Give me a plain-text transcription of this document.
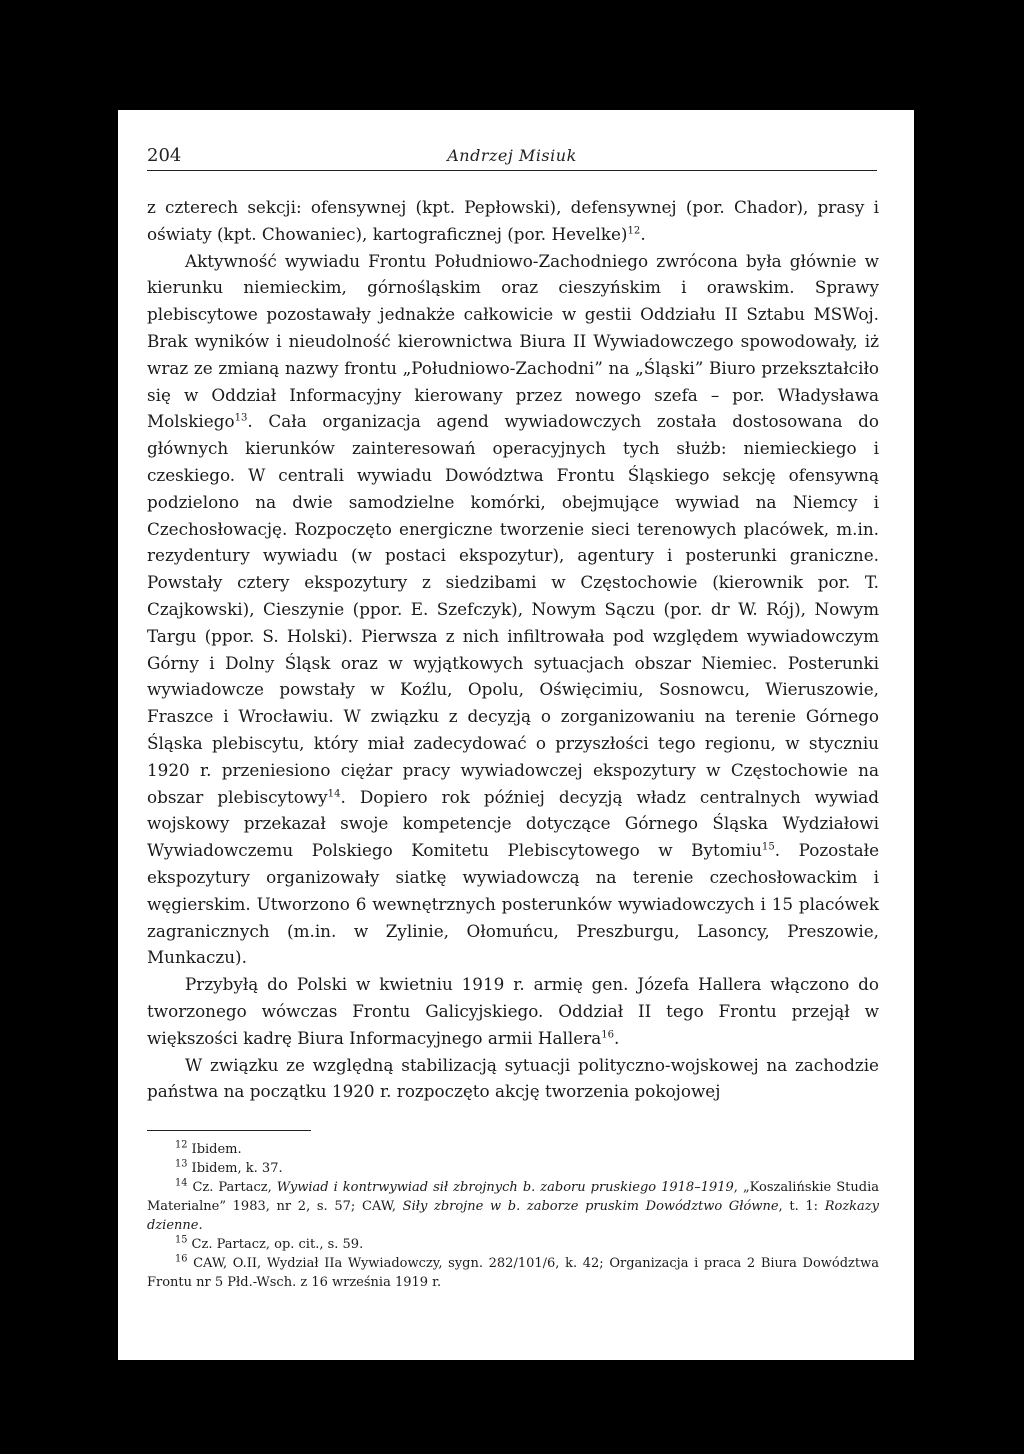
204	Andrzej Misiuk

z czterech sekcji: ofensywnej (kpt. Pepłowski), defensywnej (por. Chador), prasy i oświaty (kpt. Chowaniec), kartograficznej (por. Hevelke)$^{12}$.

Aktywność wywiadu Frontu Południowo-Zachodniego zwrócona była głównie w kierunku niemieckim, górnośląskim oraz cieszyńskim i orawskim. Sprawy plebiscytowe pozostawały jednakże całkowicie w gestii Oddziału II Sztabu MSWoj. Brak wyników i nieudolność kierownictwa Biura II Wywiadowczego spowodowały, iż wraz ze zmianą nazwy frontu „Południowo-Zachodni” na „Śląski” Biuro przekształciło się w Oddział Informacyjny kierowany przez nowego szefa – por. Władysława Molskiego$^{13}$. Cała organizacja agend wywiadowczych została dostosowana do głównych kierunków zainteresowań operacyjnych tych służb: niemieckiego i czeskiego. W centrali wywiadu Dowództwa Frontu Śląskiego sekcję ofensywną podzielono na dwie samodzielne komórki, obejmujące wywiad na Niemcy i Czechosłowację. Rozpoczęto energiczne tworzenie sieci terenowych placówek, m.in. rezydentury wywiadu (w postaci ekspozytur), agentury i posterunki graniczne. Powstały cztery ekspozytury z siedzibami w Częstochowie (kierownik por. T. Czajkowski), Cieszynie (ppor. E. Szefczyk), Nowym Sączu (por. dr W. Rój), Nowym Targu (ppor. S. Holski). Pierwsza z nich infiltrowała pod względem wywiadowczym Górny i Dolny Śląsk oraz w wyjątkowych sytuacjach obszar Niemiec. Posterunki wywiadowcze powstały w Koźlu, Opolu, Oświęcimiu, Sosnowcu, Wieruszowie, Fraszce i Wrocławiu. W związku z decyzją o zorganizowaniu na terenie Górnego Śląska plebiscytu, który miał zadecydować o przyszłości tego regionu, w styczniu 1920 r. przeniesiono ciężar pracy wywiadowczej ekspozytury w Częstochowie na obszar plebiscytowy$^{14}$. Dopiero rok później decyzją władz centralnych wywiad wojskowy przekazał swoje kompetencje dotyczące Górnego Śląska Wydziałowi Wywiadowczemu Polskiego Komitetu Plebiscytowego w Bytomiu$^{15}$. Pozostałe ekspozytury organizowały siatkę wywiadowczą na terenie czechosłowackim i węgierskim. Utworzono 6 wewnętrznych posterunków wywiadowczych i 15 placówek zagranicznych (m.in. w Zylinie, Ołomuńcu, Preszburgu, Lasoncy, Preszowie, Munkaczu).

Przybyłą do Polski w kwietniu 1919 r. armię gen. Józefa Hallera włączono do tworzonego wówczas Frontu Galicyjskiego. Oddział II tego Frontu przejął w większości kadrę Biura Informacyjnego armii Hallera$^{16}$.

W związku ze względną stabilizacją sytuacji polityczno-wojskowej na zachodzie państwa na początku 1920 r. rozpoczęto akcję tworzenia pokojowej

$^{12}$ Ibidem.

$^{13}$ Ibidem, k. 37.

$^{14}$ Cz. Partacz, Wywiad i kontrwywiad sił zbrojnych b. zaboru pruskiego 1918–1919, „Koszalińskie Studia Materialne” 1983, nr 2, s. 57; CAW, Siły zbrojne w b. zaborze pruskim Dowództwo Główne, t. 1: Rozkazy dzienne.

$^{15}$ Cz. Partacz, op. cit., s. 59.

$^{16}$ CAW, O.II, Wydział IIa Wywiadowczy, sygn. 282/101/6, k. 42; Organizacja i praca 2 Biura Dowództwa Frontu nr 5 Płd.-Wsch. z 16 września 1919 r.
